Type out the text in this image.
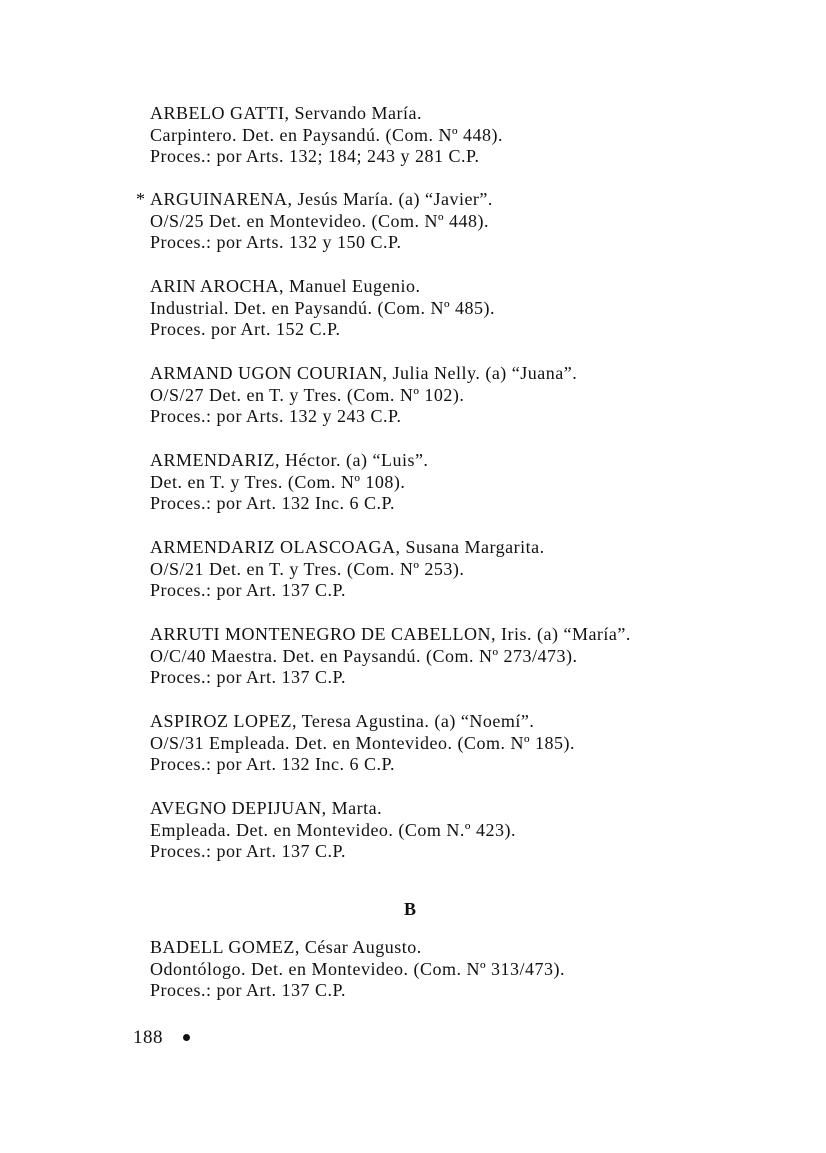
ARBELO GATTI, Servando María.
Carpintero. Det. en Paysandú. (Com. Nº 448).
Proces.: por Arts. 132; 184; 243 y 281 C.P.
* ARGUINARENA, Jesús María. (a) “Javier”.
O/S/25 Det. en Montevideo. (Com. Nº 448).
Proces.: por Arts. 132 y 150 C.P.
ARIN AROCHA, Manuel Eugenio.
Industrial. Det. en Paysandú. (Com. Nº 485).
Proces. por Art. 152 C.P.
ARMAND UGON COURIAN, Julia Nelly. (a) “Juana”.
O/S/27 Det. en T. y Tres. (Com. Nº 102).
Proces.: por Arts. 132 y 243 C.P.
ARMENDARIZ, Héctor. (a) “Luis”.
Det. en T. y Tres. (Com. Nº 108).
Proces.: por Art. 132 Inc. 6 C.P.
ARMENDARIZ OLASCOAGA, Susana Margarita.
O/S/21 Det. en T. y Tres. (Com. Nº 253).
Proces.: por Art. 137 C.P.
ARRUTI MONTENEGRO DE CABELLON, Iris. (a) “María”.
O/C/40 Maestra. Det. en Paysandú. (Com. Nº 273/473).
Proces.: por Art. 137 C.P.
ASPIROZ LOPEZ, Teresa Agustina. (a) “Noemí”.
O/S/31 Empleada. Det. en Montevideo. (Com. Nº 185).
Proces.: por Art. 132 Inc. 6 C.P.
AVEGNO DEPIJUAN, Marta.
Empleada. Det. en Montevideo. (Com N.º 423).
Proces.: por Art. 137 C.P.
B
BADELL GOMEZ, César Augusto.
Odontólogo. Det. en Montevideo. (Com. Nº 313/473).
Proces.: por Art. 137 C.P.
188
